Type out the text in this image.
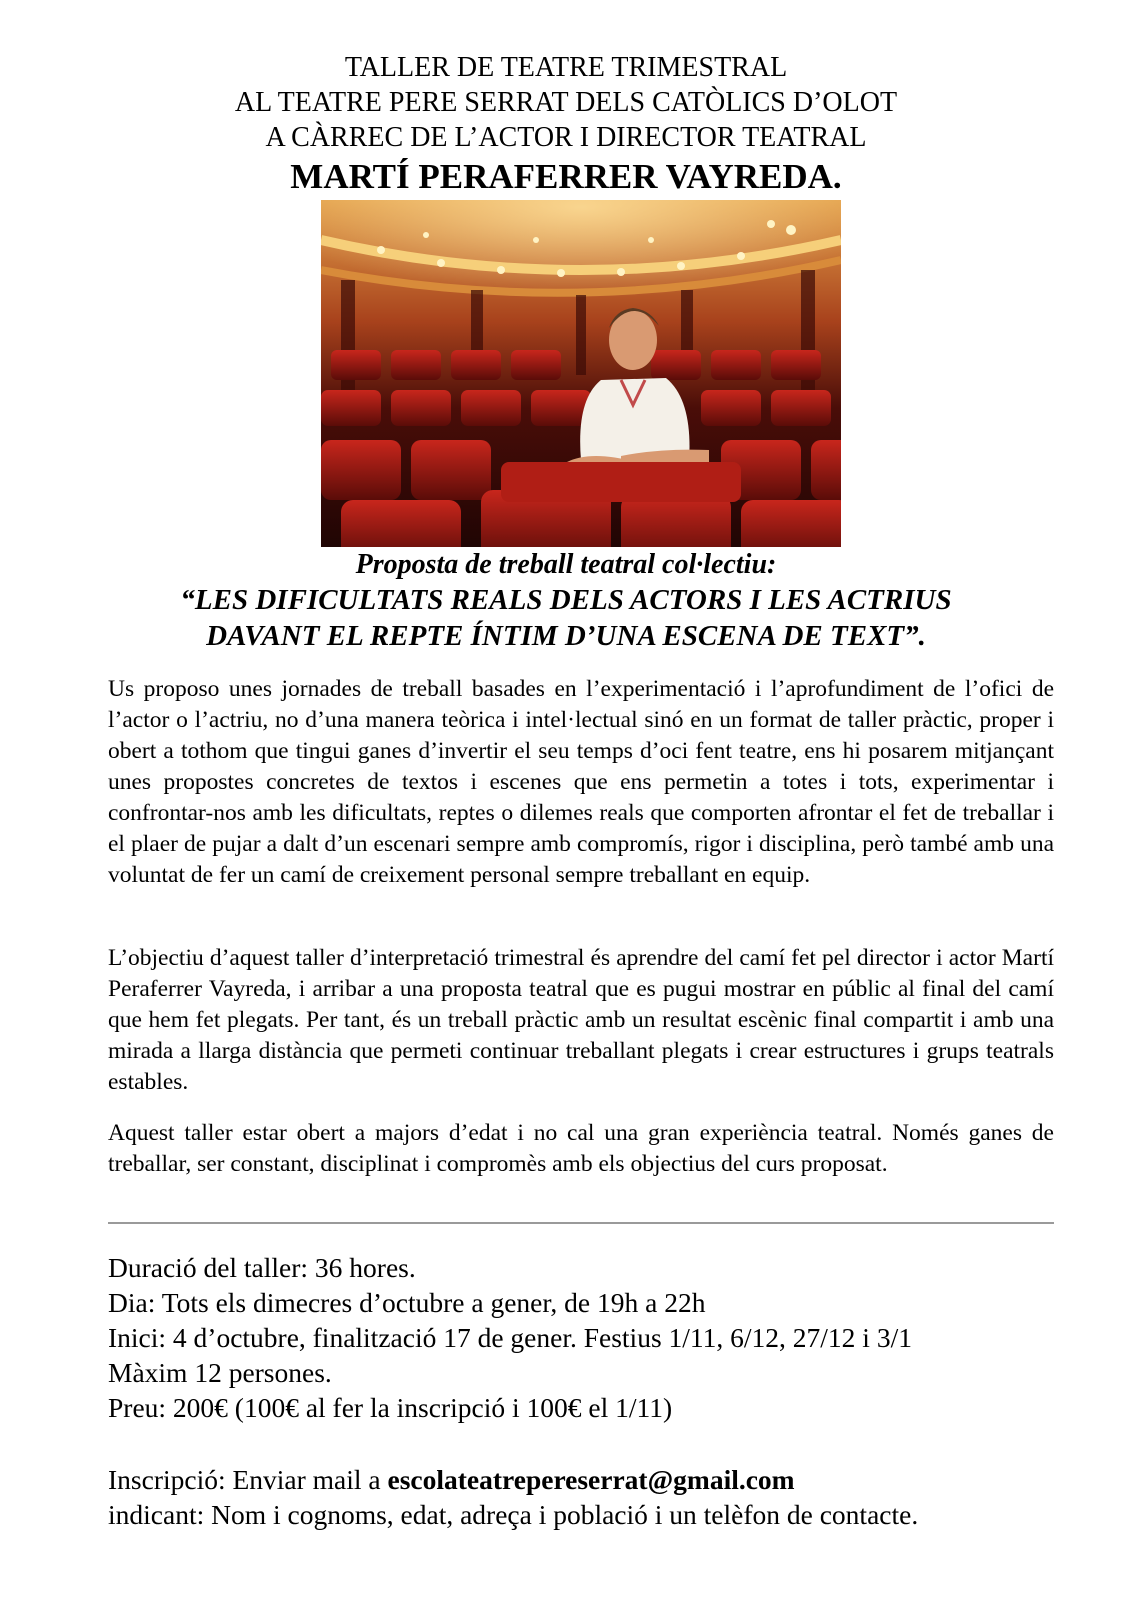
TALLER DE TEATRE TRIMESTRAL
AL TEATRE PERE SERRAT DELS CATÒLICS D’OLOT
A CÀRREC DE L’ACTOR I DIRECTOR TEATRAL
MARTÍ PERAFERRER VAYREDA.
Proposta de treball teatral col·lectiu:
“LES DIFICULTATS REALS DELS ACTORS I LES ACTRIUS
DAVANT EL REPTE ÍNTIM D’UNA ESCENA DE TEXT”.
Us proposo unes jornades de treball basades en l’experimentació i l’aprofundiment de l’ofici de l’actor o l’actriu, no d’una manera teòrica i intel·lectual sinó en un format de taller pràctic, proper i obert a tothom que tingui ganes d’invertir el seu temps d’oci fent teatre, ens hi posarem mitjançant unes propostes concretes de textos i escenes que ens permetin a totes i tots, experimentar i confrontar-nos amb les dificultats, reptes o dilemes reals que comporten afrontar el fet de treballar i el plaer de pujar a dalt d’un escenari sempre amb compromís, rigor i disciplina, però també amb una voluntat de fer un camí de creixement personal sempre treballant en equip.
L’objectiu d’aquest taller d’interpretació trimestral és aprendre del camí fet pel director i actor Martí Peraferrer Vayreda, i arribar a una proposta teatral que es pugui mostrar en públic al final del camí que hem fet plegats. Per tant, és un treball pràctic amb un resultat escènic final compartit i amb una mirada a llarga distància que permeti continuar treballant plegats i crear estructures i grups teatrals estables.
Aquest taller estar obert a majors d’edat i no cal una gran experiència teatral. Només ganes de treballar, ser constant, disciplinat i compromès amb els objectius del curs proposat.
Duració del taller: 36 hores.
Dia: Tots els dimecres d’octubre a gener, de 19h a 22h
Inici: 4 d’octubre, finalització 17 de gener. Festius 1/11, 6/12, 27/12 i 3/1
Màxim 12 persones.
Preu: 200€ (100€ al fer la inscripció i 100€ el 1/11)
Inscripció: Enviar mail a escolateatrepereserrat@gmail.com
indicant: Nom i cognoms, edat, adreça i població i un telèfon de contacte.
